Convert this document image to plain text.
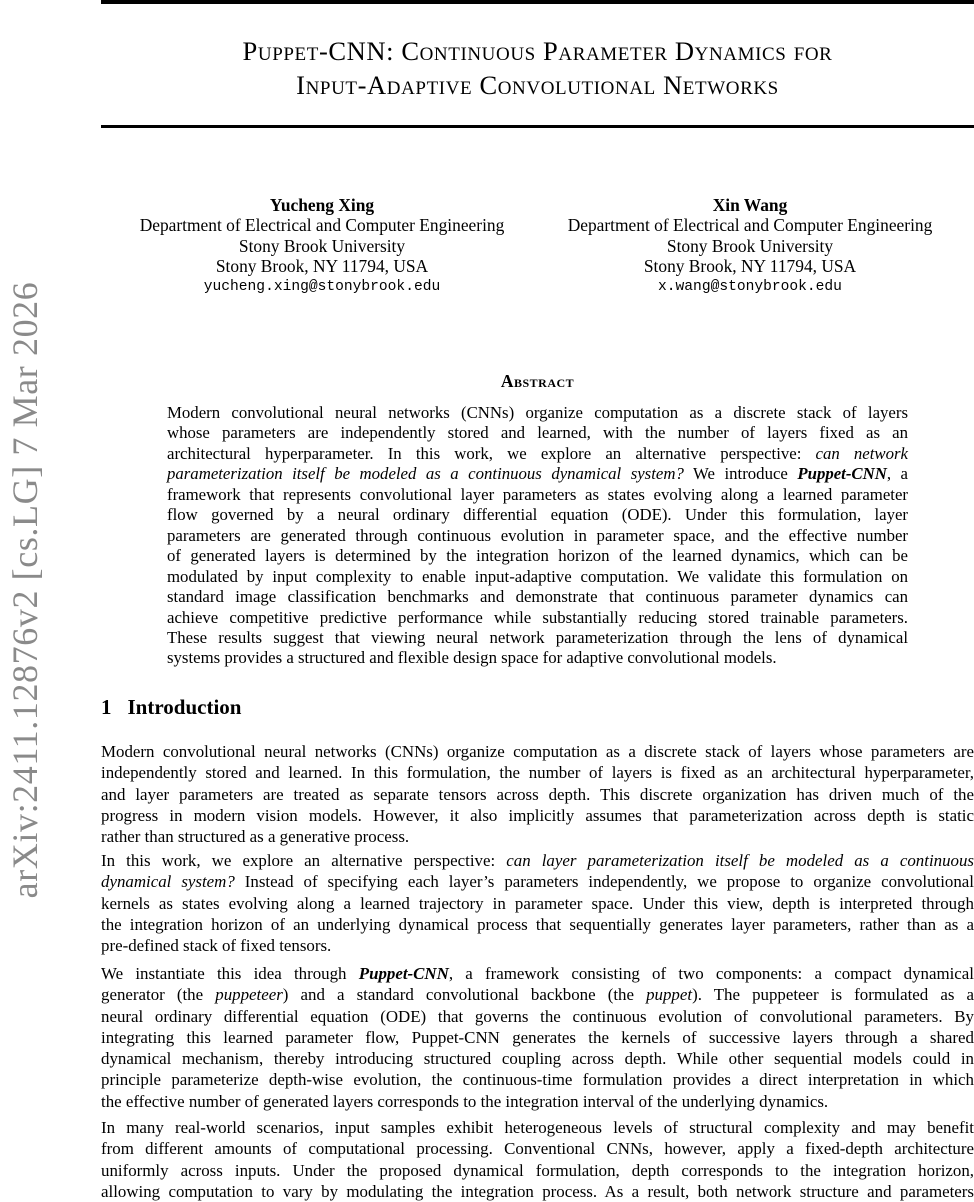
arXiv:2411.12876v2 [cs.LG] 7 Mar 2026
Puppet-CNN: Continuous Parameter Dynamics for
Input-Adaptive Convolutional Networks
Yucheng Xing
Department of Electrical and Computer Engineering
Stony Brook University
Stony Brook, NY 11794, USA
yucheng.xing@stonybrook.edu
Xin Wang
Department of Electrical and Computer Engineering
Stony Brook University
Stony Brook, NY 11794, USA
x.wang@stonybrook.edu
Abstract
Modern convolutional neural networks (CNNs) organize computation as a discrete stack of layers
whose parameters are independently stored and learned, with the number of layers fixed as an
architectural hyperparameter. In this work, we explore an alternative perspective: can network
parameterization itself be modeled as a continuous dynamical system? We introduce Puppet-CNN, a
framework that represents convolutional layer parameters as states evolving along a learned parameter
flow governed by a neural ordinary differential equation (ODE). Under this formulation, layer
parameters are generated through continuous evolution in parameter space, and the effective number
of generated layers is determined by the integration horizon of the learned dynamics, which can be
modulated by input complexity to enable input-adaptive computation. We validate this formulation on
standard image classification benchmarks and demonstrate that continuous parameter dynamics can
achieve competitive predictive performance while substantially reducing stored trainable parameters.
These results suggest that viewing neural network parameterization through the lens of dynamical
systems provides a structured and flexible design space for adaptive convolutional models.
1 Introduction
Modern convolutional neural networks (CNNs) organize computation as a discrete stack of layers whose parameters are
independently stored and learned. In this formulation, the number of layers is fixed as an architectural hyperparameter,
and layer parameters are treated as separate tensors across depth. This discrete organization has driven much of the
progress in modern vision models. However, it also implicitly assumes that parameterization across depth is static
rather than structured as a generative process.
In this work, we explore an alternative perspective: can layer parameterization itself be modeled as a continuous
dynamical system? Instead of specifying each layer’s parameters independently, we propose to organize convolutional
kernels as states evolving along a learned trajectory in parameter space. Under this view, depth is interpreted through
the integration horizon of an underlying dynamical process that sequentially generates layer parameters, rather than as a
pre-defined stack of fixed tensors.
We instantiate this idea through Puppet-CNN, a framework consisting of two components: a compact dynamical
generator (the puppeteer) and a standard convolutional backbone (the puppet). The puppeteer is formulated as a
neural ordinary differential equation (ODE) that governs the continuous evolution of convolutional parameters. By
integrating this learned parameter flow, Puppet-CNN generates the kernels of successive layers through a shared
dynamical mechanism, thereby introducing structured coupling across depth. While other sequential models could in
principle parameterize depth-wise evolution, the continuous-time formulation provides a direct interpretation in which
the effective number of generated layers corresponds to the integration interval of the underlying dynamics.
In many real-world scenarios, input samples exhibit heterogeneous levels of structural complexity and may benefit
from different amounts of computational processing. Conventional CNNs, however, apply a fixed-depth architecture
uniformly across inputs. Under the proposed dynamical formulation, depth corresponds to the integration horizon,
allowing computation to vary by modulating the integration process. As a result, both network structure and parameters
